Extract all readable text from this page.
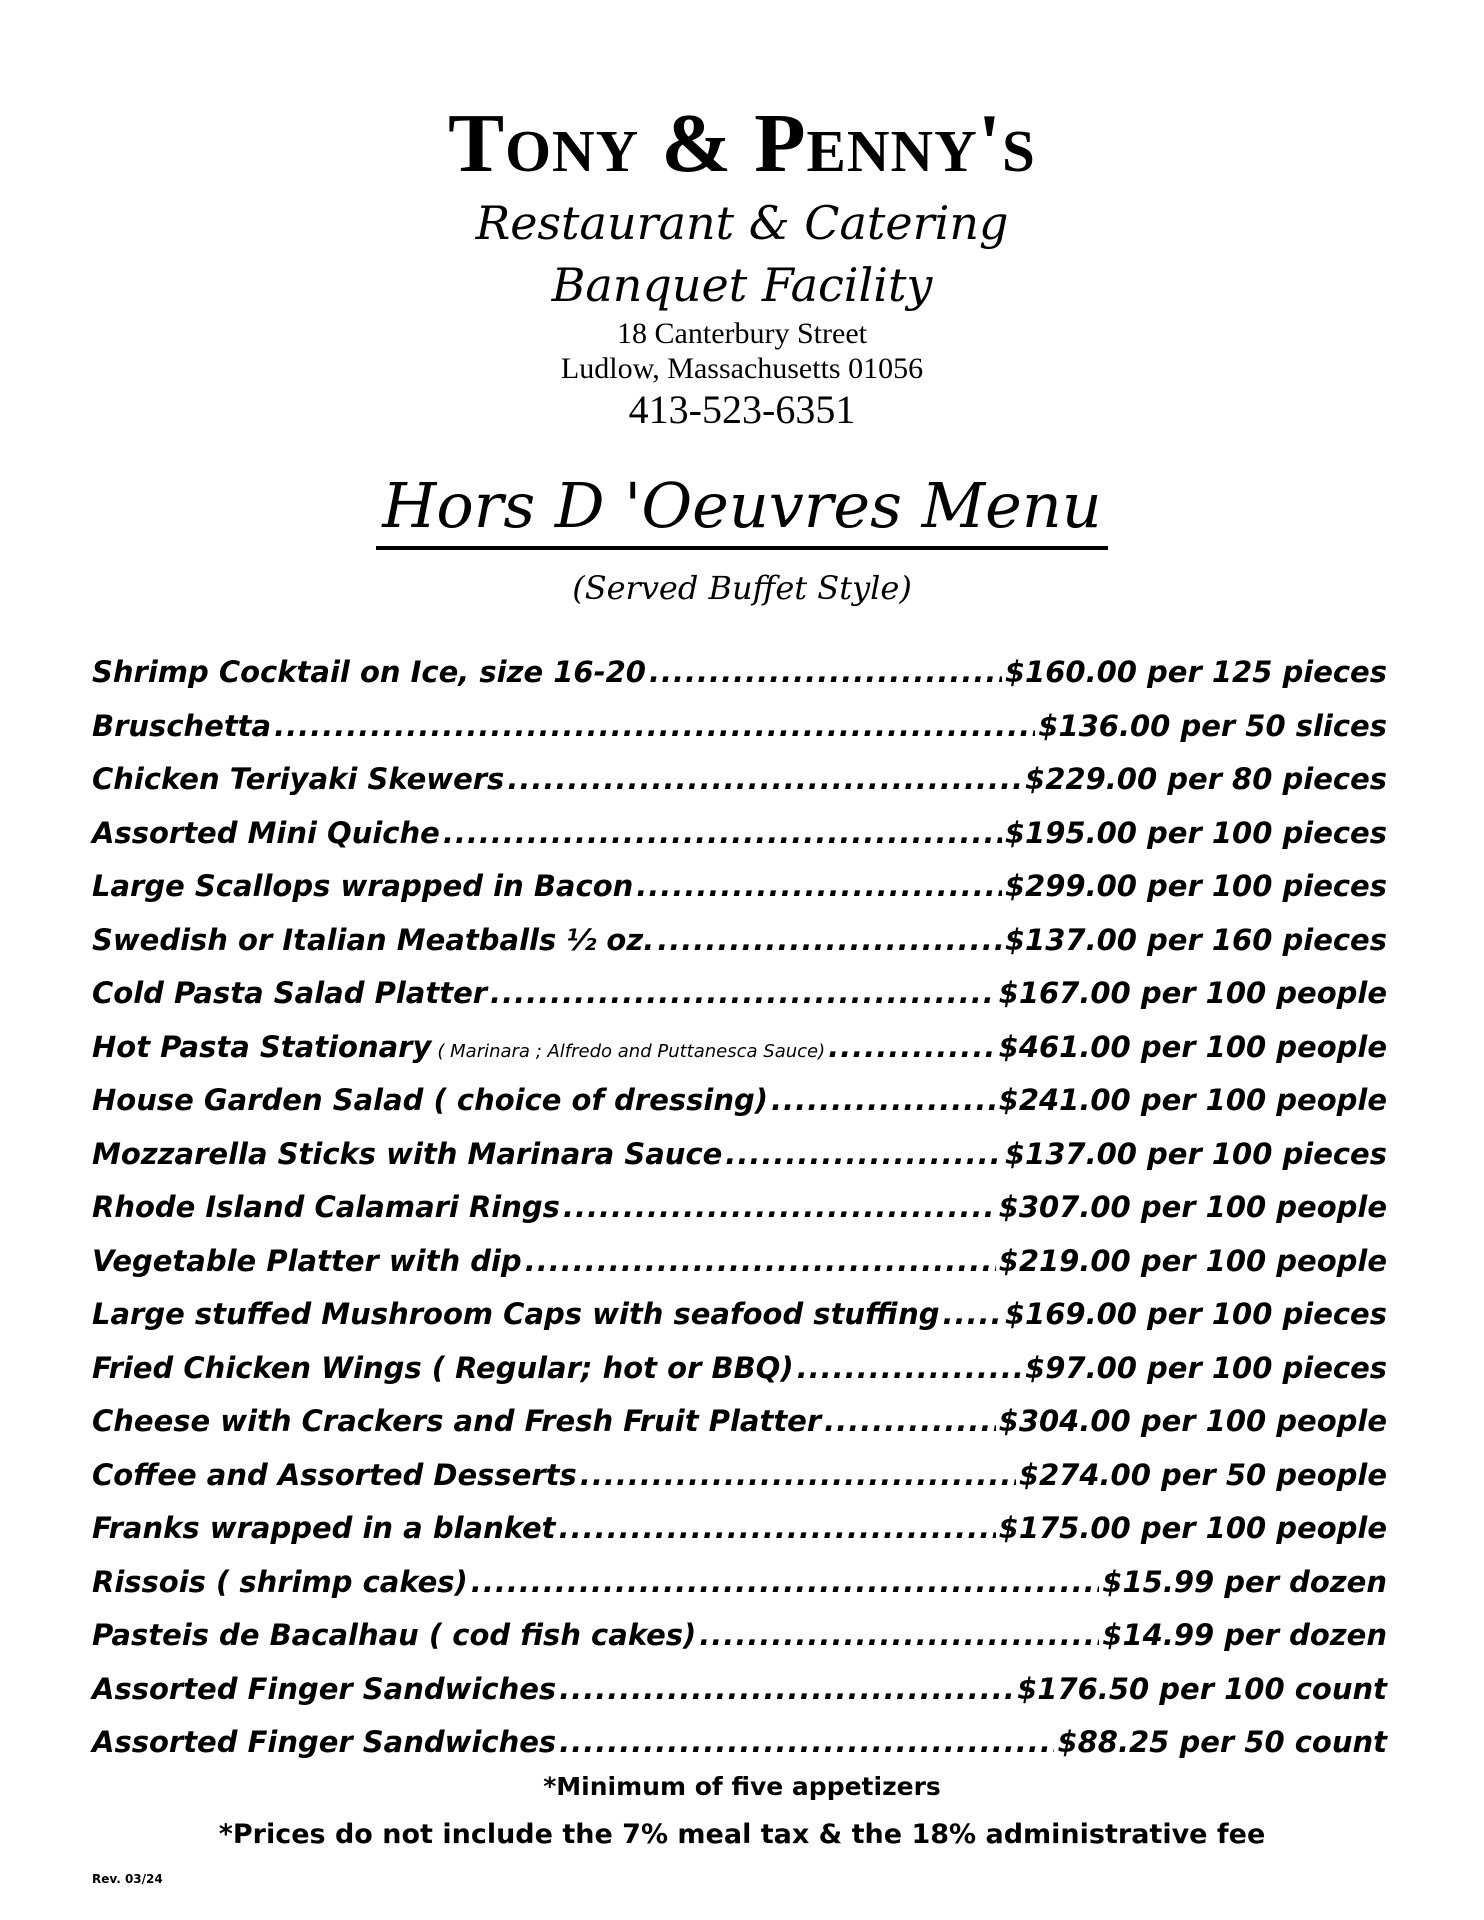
Tony & Penny's
Restaurant & Catering
Banquet Facility
18 Canterbury Street
Ludlow, Massachusetts 01056
413-523-6351
Hors D 'Oeuvres Menu
(Served Buffet Style)
Shrimp Cocktail on Ice, size 16-20 .....	$160.00 per 125 pieces
Bruschetta .....	$136.00 per 50 slices
Chicken Teriyaki Skewers .....	$229.00 per 80 pieces
Assorted Mini Quiche .....	$195.00 per 100 pieces
Large Scallops wrapped in Bacon .....	$299.00 per 100 pieces
Swedish or Italian Meatballs ½ oz. .....	$137.00 per 160 pieces
Cold Pasta Salad Platter .....	$167.00 per 100 people
Hot Pasta Stationary ( Marinara ; Alfredo and Puttanesca Sauce) .....	$461.00 per 100 people
House Garden Salad ( choice of dressing) .....	$241.00 per 100 people
Mozzarella Sticks with Marinara Sauce .....	$137.00 per 100 pieces
Rhode Island Calamari Rings .....	$307.00 per 100 people
Vegetable Platter with dip .....	$219.00 per 100 people
Large stuffed Mushroom Caps with seafood stuffing ..... $169.00 per 100 pieces
Fried Chicken Wings ( Regular; hot or BBQ) .....	$97.00 per 100 pieces
Cheese with Crackers and Fresh Fruit Platter .....	$304.00 per 100 people
Coffee and Assorted Desserts .....	$274.00 per 50 people
Franks wrapped in a blanket .....	$175.00 per 100 people
Rissois ( shrimp cakes) .....	$15.99 per dozen
Pasteis de Bacalhau ( cod fish cakes) .....	$14.99 per dozen
Assorted Finger Sandwiches .....	$176.50 per 100 count
Assorted Finger Sandwiches .....	$88.25 per 50 count
*Minimum of five appetizers
*Prices do not include the 7% meal tax & the 18% administrative fee
Rev. 03/24
